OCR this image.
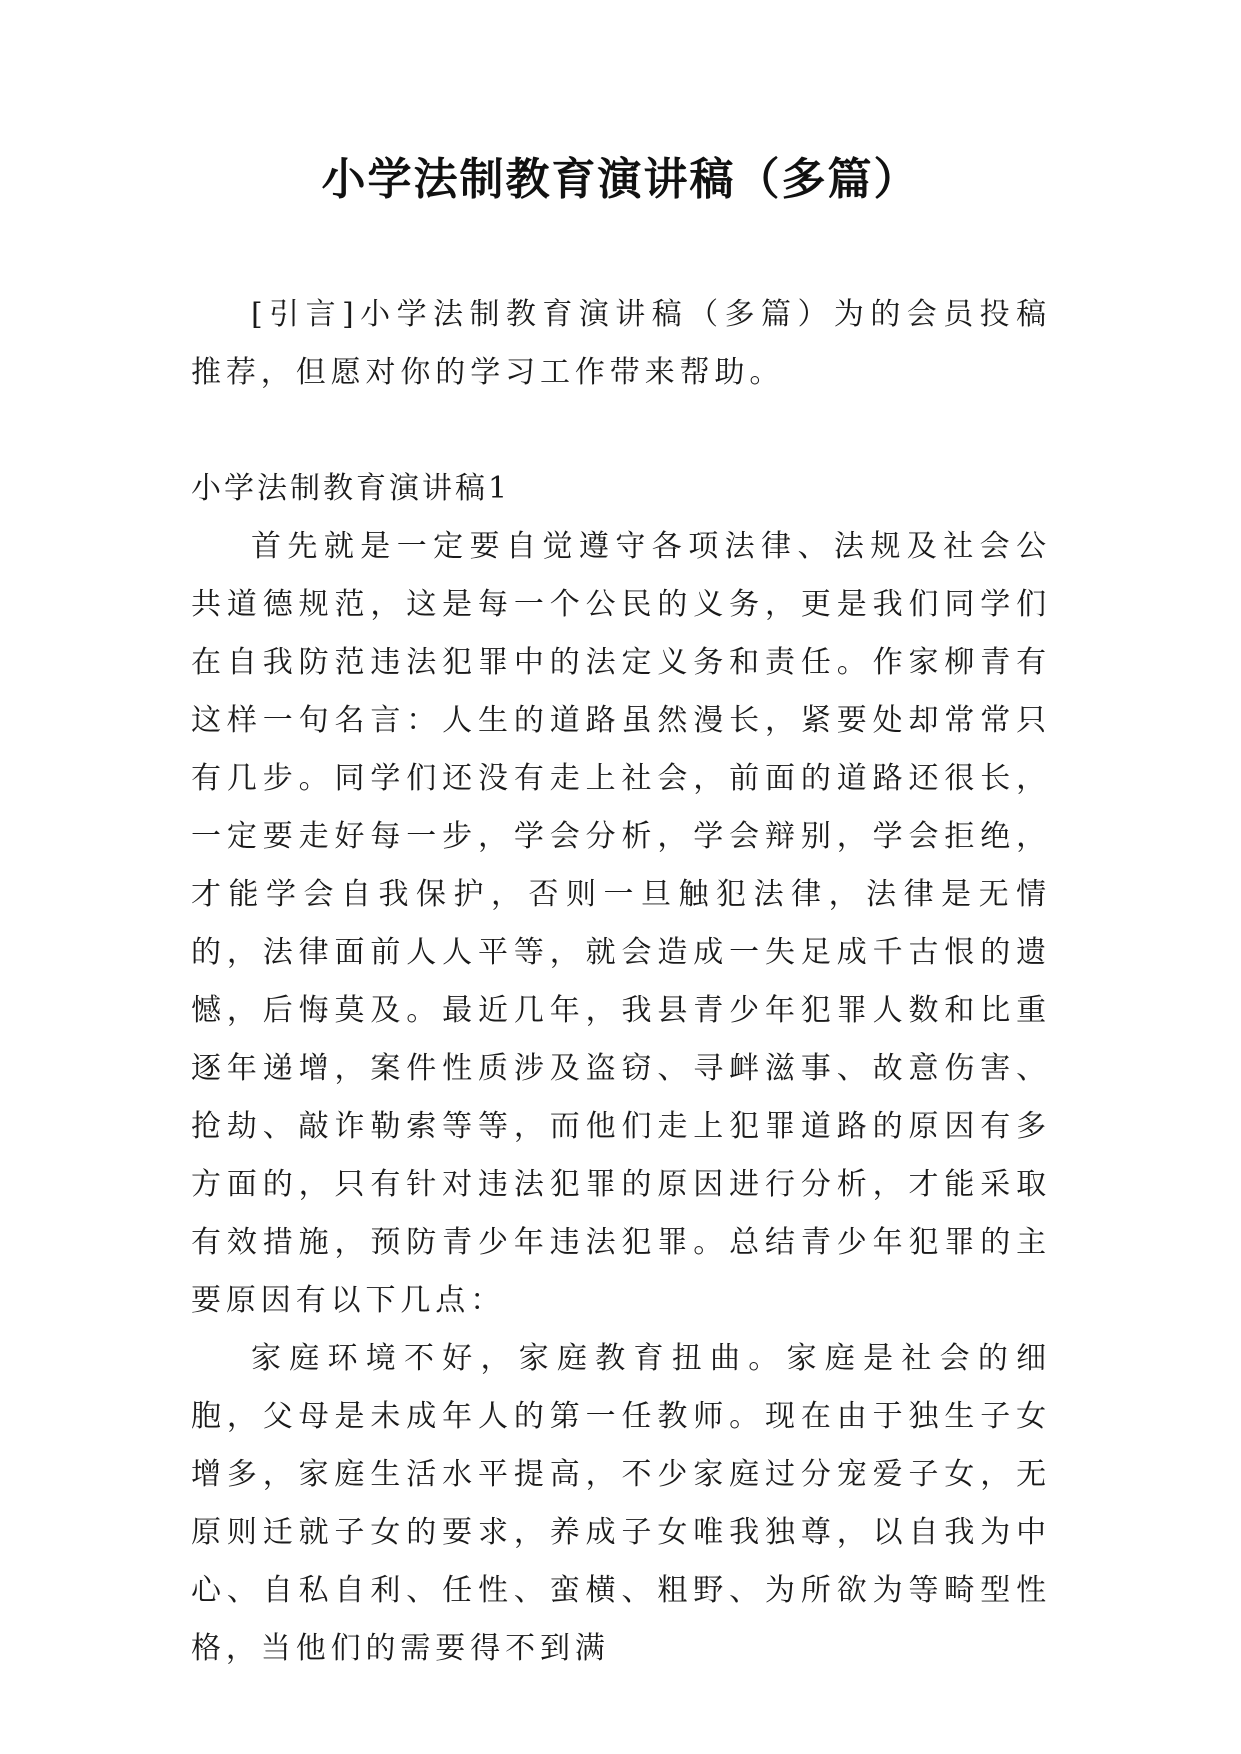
小学法制教育演讲稿（多篇）

[引言]小学法制教育演讲稿（多篇）为的会员投稿推荐，但愿对你的学习工作带来帮助。

小学法制教育演讲稿1

首先就是一定要自觉遵守各项法律、法规及社会公共道德规范，这是每一个公民的义务，更是我们同学们在自我防范违法犯罪中的法定义务和责任。作家柳青有这样一句名言：人生的道路虽然漫长，紧要处却常常只有几步。同学们还没有走上社会，前面的道路还很长，一定要走好每一步，学会分析，学会辩别，学会拒绝，才能学会自我保护，否则一旦触犯法律，法律是无情的，法律面前人人平等，就会造成一失足成千古恨的遗憾，后悔莫及。最近几年，我县青少年犯罪人数和比重逐年递增，案件性质涉及盗窃、寻衅滋事、故意伤害、抢劫、敲诈勒索等等，而他们走上犯罪道路的原因有多方面的，只有针对违法犯罪的原因进行分析，才能采取有效措施，预防青少年违法犯罪。总结青少年犯罪的主要原因有以下几点：

家庭环境不好，家庭教育扭曲。家庭是社会的细胞，父母是未成年人的第一任教师。现在由于独生子女增多，家庭生活水平提高，不少家庭过分宠爱子女，无原则迁就子女的要求，养成子女唯我独尊，以自我为中心、自私自利、任性、蛮横、粗野、为所欲为等畸型性格，当他们的需要得不到满
